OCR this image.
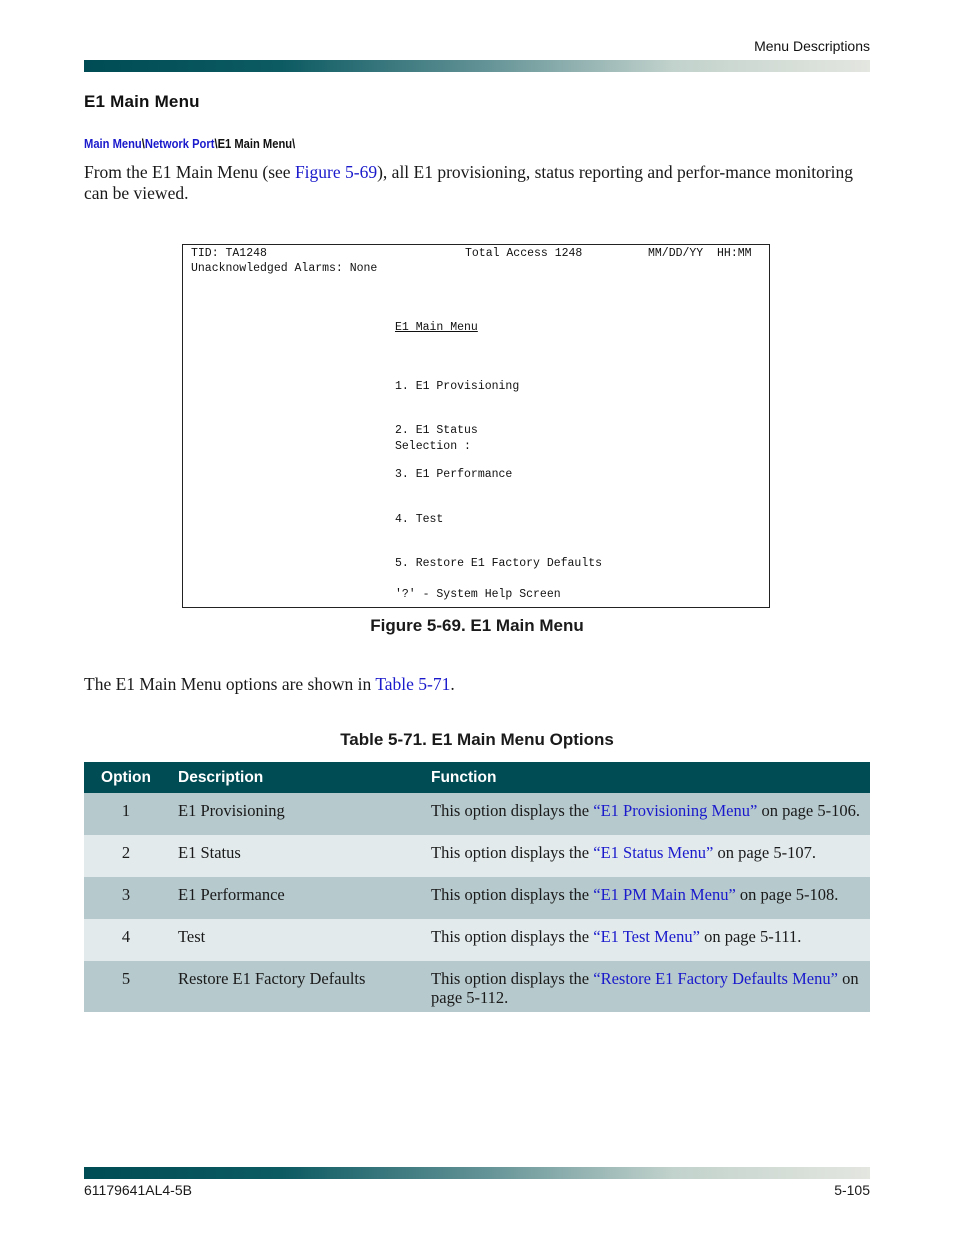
Menu Descriptions
E1 Main Menu
Main Menu\Network Port\E1 Main Menu\
From the E1 Main Menu (see Figure 5-69), all E1 provisioning, status reporting and perfor-mance monitoring can be viewed.
TID: TA1248	Total Access 1248	MM/DD/YY  HH:MM
Unacknowledged Alarms: None
E1 Main Menu

1. E1 Provisioning

2. E1 Status

3. E1 Performance

4. Test

5. Restore E1 Factory Defaults

Selection :
'?' - System Help Screen
Figure 5-69. E1 Main Menu
The E1 Main Menu options are shown in Table 5-71.
Table 5-71. E1 Main Menu Options
Option	Description	Function
1	E1 Provisioning	This option displays the “E1 Provisioning Menu” on page 5-106.
2	E1 Status	This option displays the “E1 Status Menu” on page 5-107.
3	E1 Performance	This option displays the “E1 PM Main Menu” on page 5-108.
4	Test	This option displays the “E1 Test Menu” on page 5-111.
5	Restore E1 Factory Defaults	This option displays the “Restore E1 Factory Defaults Menu” on page 5-112.
61179641AL4-5B	5-105
